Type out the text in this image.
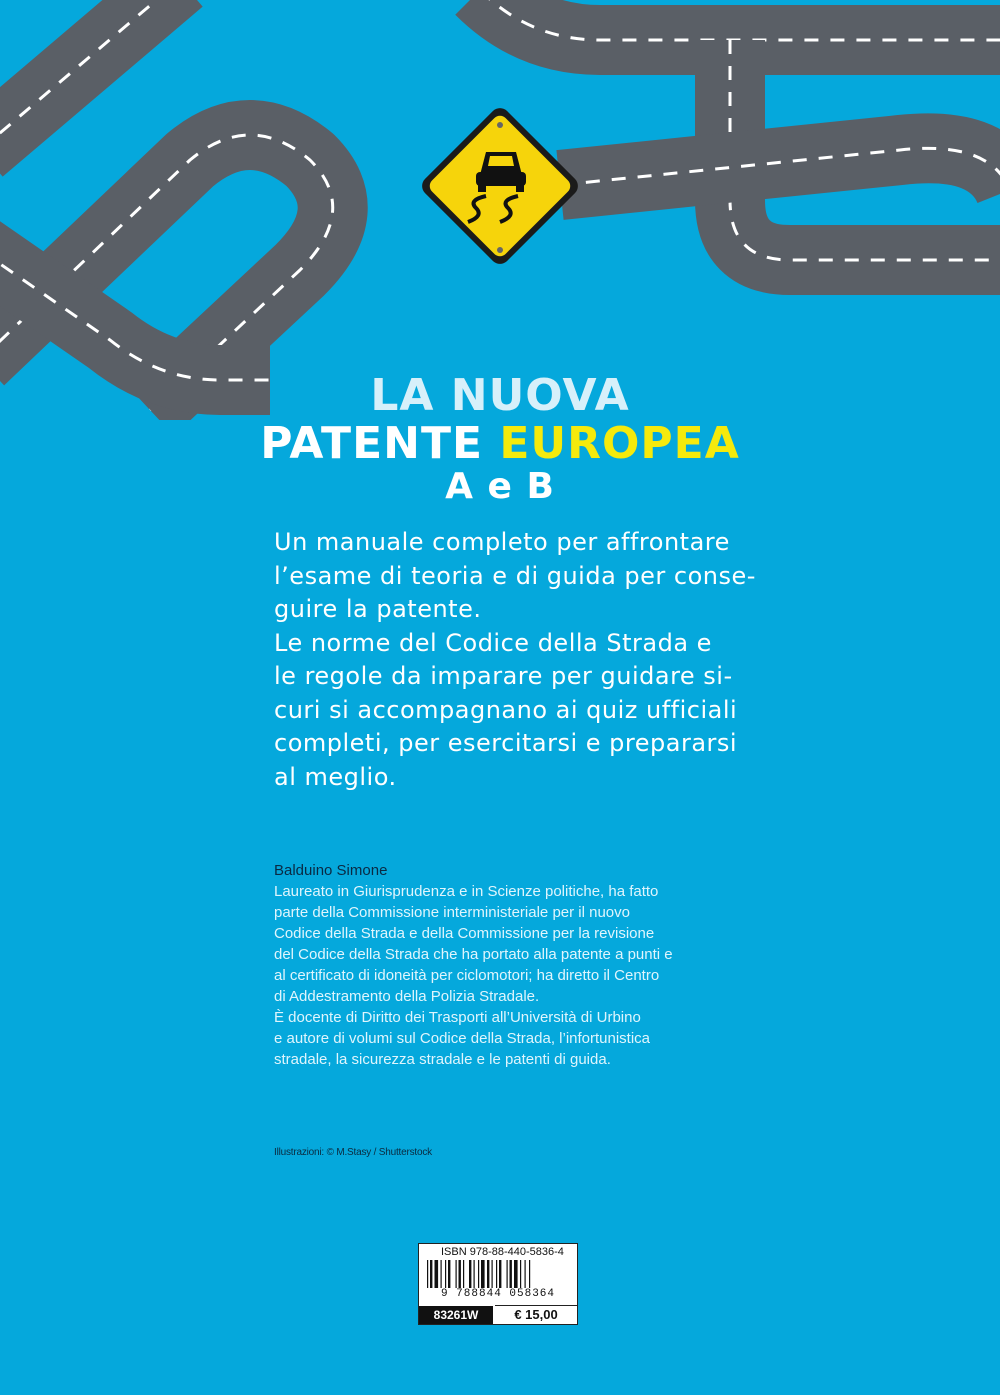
LA NUOVA
PATENTE EUROPEA
A e B
Un manuale completo per affrontare
l’esame di teoria e di guida per conse-
guire la patente.
Le norme del Codice della Strada e
le regole da imparare per guidare si-
curi si accompagnano ai quiz ufficiali
completi, per esercitarsi e prepararsi
al meglio.
Balduino Simone
Laureato in Giurisprudenza e in Scienze politiche, ha fatto
parte della Commissione interministeriale per il nuovo
Codice della Strada e della Commissione per la revisione
del Codice della Strada che ha portato alla patente a punti e
al certificato di idoneità per ciclomotori; ha diretto il Centro
di Addestramento della Polizia Stradale.
È docente di Diritto dei Trasporti all’Università di Urbino
e autore di volumi sul Codice della Strada, l’infortunistica
stradale, la sicurezza stradale e le patenti di guida.
Illustrazioni: © M.Stasy / Shutterstock
ISBN 978-88-440-5836-4
9 788844 058364
83261W	€ 15,00
